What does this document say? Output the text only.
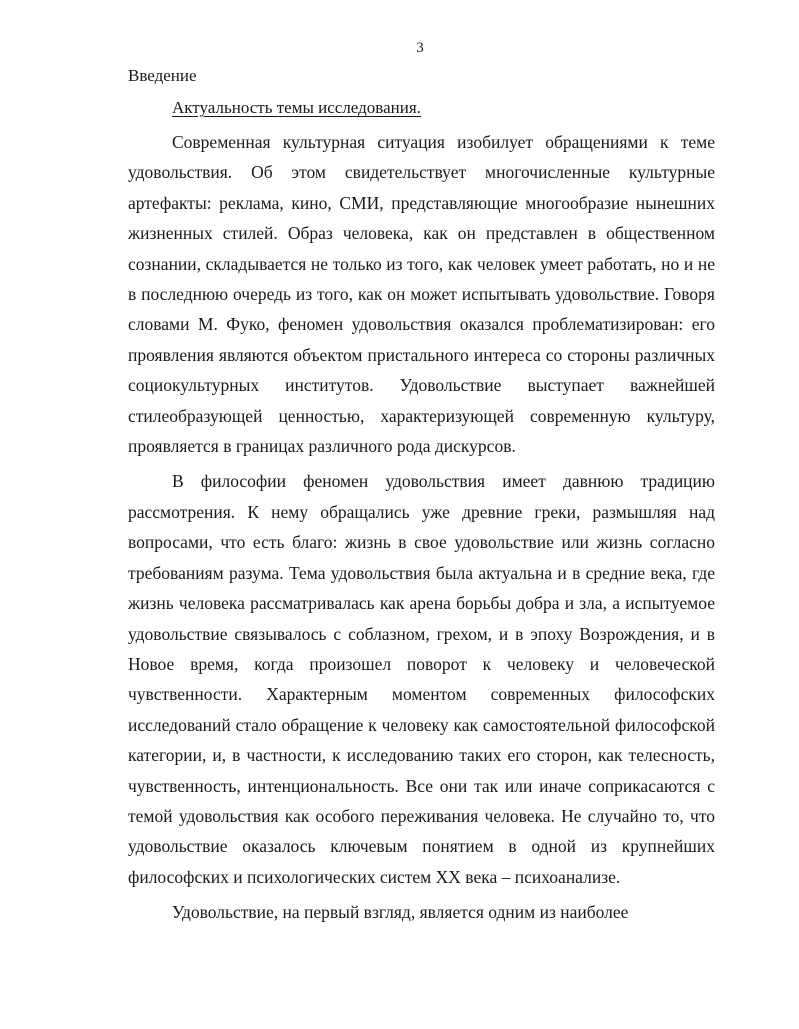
3
Введение
Актуальность темы исследования.

Современная культурная ситуация изобилует обращениями к теме удовольствия. Об этом свидетельствует многочисленные культурные артефакты: реклама, кино, СМИ, представляющие многообразие нынешних жизненных стилей. Образ человека, как он представлен в общественном сознании, складывается не только из того, как человек умеет работать, но и не в последнюю очередь из того, как он может испытывать удовольствие. Говоря словами М. Фуко, феномен удовольствия оказался проблематизирован: его проявления являются объектом пристального интереса со стороны различных социокультурных институтов. Удовольствие выступает важнейшей стилеобразующей ценностью, характеризующей современную культуру, проявляется в границах различного рода дискурсов.

В философии феномен удовольствия имеет давнюю традицию рассмотрения. К нему обращались уже древние греки, размышляя над вопросами, что есть благо: жизнь в свое удовольствие или жизнь согласно требованиям разума. Тема удовольствия была актуальна и в средние века, где жизнь человека рассматривалась как арена борьбы добра и зла, а испытуемое удовольствие связывалось с соблазном, грехом, и в эпоху Возрождения, и в Новое время, когда произошел поворот к человеку и человеческой чувственности. Характерным моментом современных философских исследований стало обращение к человеку как самостоятельной философской категории, и, в частности, к исследованию таких его сторон, как телесность, чувственность, интенциональность. Все они так или иначе соприкасаются с темой удовольствия как особого переживания человека. Не случайно то, что удовольствие оказалось ключевым понятием в одной из крупнейших философских и психологических систем XX века – психоанализе.

Удовольствие, на первый взгляд, является одним из наиболее
